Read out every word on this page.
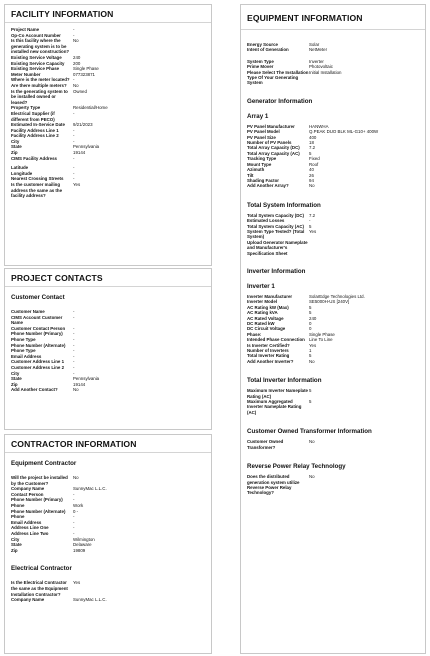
FACILITY INFORMATION
Project Name	-
Op-Co Account Number	-
Is this facility where the generating system is to be installed new construction?
No
Existing Service Voltage	240
Existing Service Capacity	200
Existing Service Phase	Single Phase
Meter Number	077323871
Where is the meter located? -
Are there multiple meters?	No
Is the generating system to be installed owned or leased?
Owned
Property Type	Residential/Home
Electrical Supplier (if different from PECO)
-
Estimated In-Service Date	9/21/2023
Facility Address Line 1	-
Facility Address Line 2	-
City	-
State	Pennsylvania
Zip	19144
CIMS Facility Address	-
Latitude	-
Longitude	-
Nearest Crossing Streets	-
Is the customer mailing address the same as the facility address?
Yes
PROJECT CONTACTS
Customer Contact
Customer Name	-
CIMS Account Customer Name
-
Customer Contact Person	-
Phone Number (Primary)	-
Phone Type	-
Phone Number (Alternate)	-
Phone Type	-
Email Address	-
Customer Address Line 1	-
Customer Address Line 2	-
City	-
State	Pennsylvania
Zip	19144
Add Another Contact?	No
CONTRACTOR INFORMATION
Equipment Contractor
Will the project be installed by the Customer?
No
Company Name	SunnyMac L.L.C.
Contact Person	-
Phone Number (Primary)	-
Phone	Work
Phone Number (Alternate)	0 -
Phone	-
Email Address	-
Address Line One	-
Address Line Two	-
City	Wilmington
State	Delaware
Zip	19809
Electrical Contractor
Is the Electrical Contractor the same as the Equipment Installation Contractor?
Yes
Company Name	SunnyMac L.L.C.
EQUIPMENT INFORMATION
Energy Source	Solar
Intent of Generation	NetMeter
System Type	Inverter
Prime Mover	Photovoltaic
Please Select The Installation Type Of Your Generating System
Initial Installation
Generator Information
Array 1
PV Panel Manufacturer	HANWHA
PV Panel Model	Q.PEAK DUO BLK ML-G10+ 400W
PV Panel Size	400
Number of PV Panels	18
Total Array Capacity (DC)	7.2
Total Array Capacity (AC)	5
Tracking Type	Fixed
Mount Type	Roof
Azimuth	40
Tilt	26
Shading Factor	94
Add Another Array?	No
Total System Information
Total System Capacity (DC)	7.2
Estimated Losses	-
Total System Capacity (AC)	5
System Type Tested? (Total System)
Yes
Upload Generator Nameplate and Manufacturer's Specification Sheet
Inverter Information
Inverter 1
Inverter Manufacturer	SolarEdge Technologies Ltd.
Inverter Model	SE5000H-US [240V]
AC Rating kW (Max)	5
AC Rating kVA	5
AC Rated Voltage	240
DC Rated kW	0
DC Circuit Voltage	0
Phase:	Single Phase
Intended Phase Connection Line To Line
Is Inverter Certified?	Yes
Number of Inverters	1
Total Inverter Rating	5
Add Another Inverter?	No
Total Inverter Information
Maximum Inverter Nameplate Rating (AC)
5
Maximum Aggregated Inverter Nameplate Rating (AC)
5
Customer Owned Transformer Information
Customer Owned Transformer?
No
Reverse Power Relay Technology
Does the distributed generation system utilize Reverse Power Relay Technology?
No
